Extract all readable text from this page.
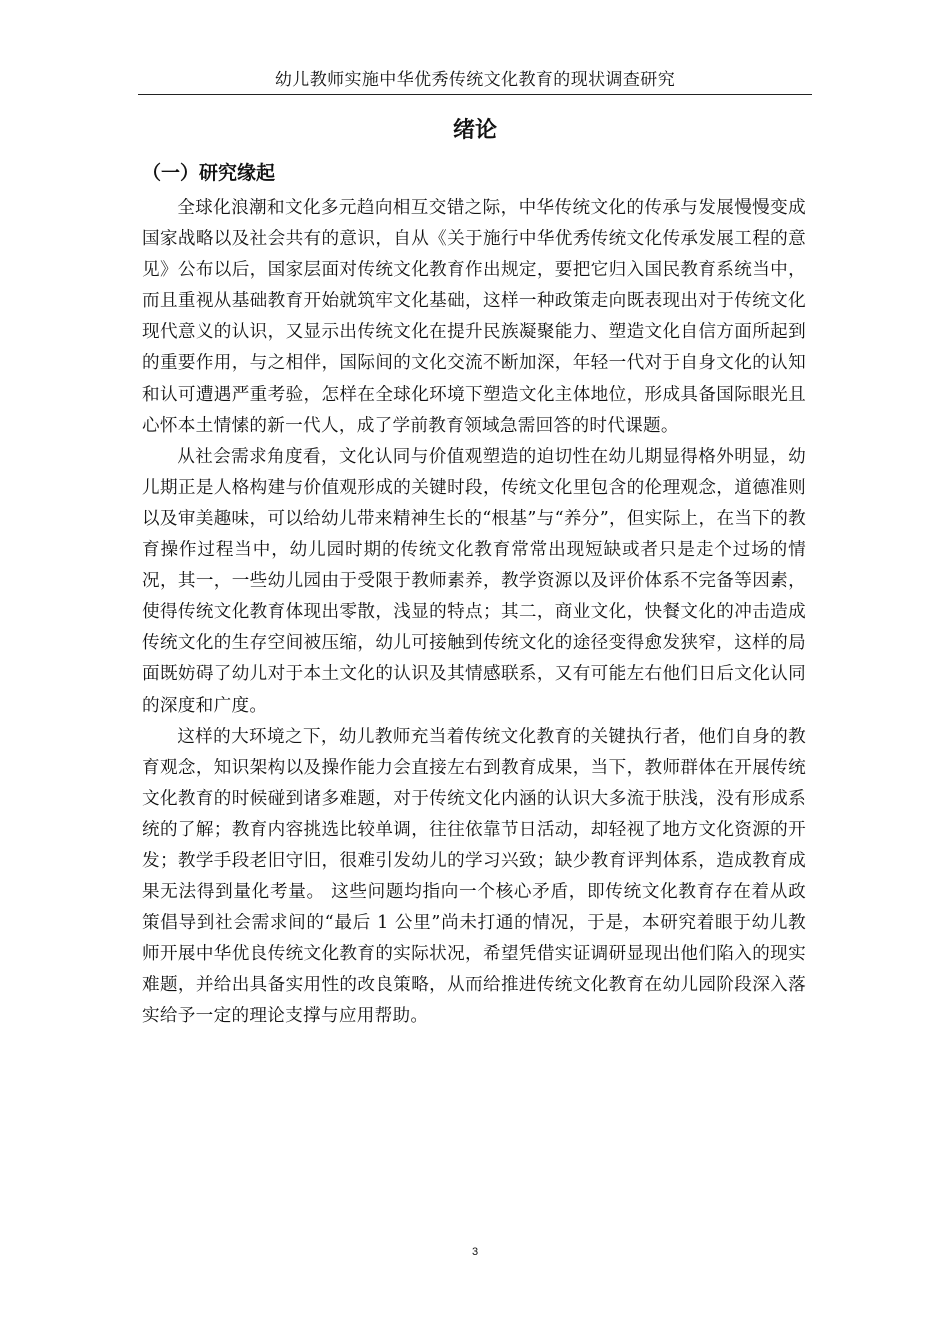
幼儿教师实施中华优秀传统文化教育的现状调查研究
绪论
（一）研究缘起

全球化浪潮和文化多元趋向相互交错之际，中华传统文化的传承与发展慢慢变成国家战略以及社会共有的意识，自从《关于施行中华优秀传统文化传承发展工程的意见》公布以后，国家层面对传统文化教育作出规定，要把它归入国民教育系统当中，而且重视从基础教育开始就筑牢文化基础，这样一种政策走向既表现出对于传统文化现代意义的认识，又显示出传统文化在提升民族凝聚能力、塑造文化自信方面所起到的重要作用，与之相伴，国际间的文化交流不断加深，年轻一代对于自身文化的认知和认可遭遇严重考验，怎样在全球化环境下塑造文化主体地位，形成具备国际眼光且心怀本土情愫的新一代人，成了学前教育领域急需回答的时代课题。

从社会需求角度看，文化认同与价值观塑造的迫切性在幼儿期显得格外明显，幼儿期正是人格构建与价值观形成的关键时段，传统文化里包含的伦理观念，道德准则以及审美趣味，可以给幼儿带来精神生长的“根基”与“养分”，但实际上，在当下的教育操作过程当中，幼儿园时期的传统文化教育常常出现短缺或者只是走个过场的情况，其一，一些幼儿园由于受限于教师素养，教学资源以及评价体系不完备等因素，使得传统文化教育体现出零散，浅显的特点；其二，商业文化，快餐文化的冲击造成传统文化的生存空间被压缩，幼儿可接触到传统文化的途径变得愈发狭窄，这样的局面既妨碍了幼儿对于本土文化的认识及其情感联系，又有可能左右他们日后文化认同的深度和广度。

这样的大环境之下，幼儿教师充当着传统文化教育的关键执行者，他们自身的教育观念，知识架构以及操作能力会直接左右到教育成果，当下，教师群体在开展传统文化教育的时候碰到诸多难题，对于传统文化内涵的认识大多流于肤浅，没有形成系统的了解；教育内容挑选比较单调，往往依靠节日活动，却轻视了地方文化资源的开发；教学手段老旧守旧，很难引发幼儿的学习兴致；缺少教育评判体系，造成教育成果无法得到量化考量。 这些问题均指向一个核心矛盾，即传统文化教育存在着从政策倡导到社会需求间的“最后 1 公里”尚未打通的情况，于是，本研究着眼于幼儿教师开展中华优良传统文化教育的实际状况，希望凭借实证调研显现出他们陷入的现实难题，并给出具备实用性的改良策略，从而给推进传统文化教育在幼儿园阶段深入落实给予一定的理论支撑与应用帮助。

3
